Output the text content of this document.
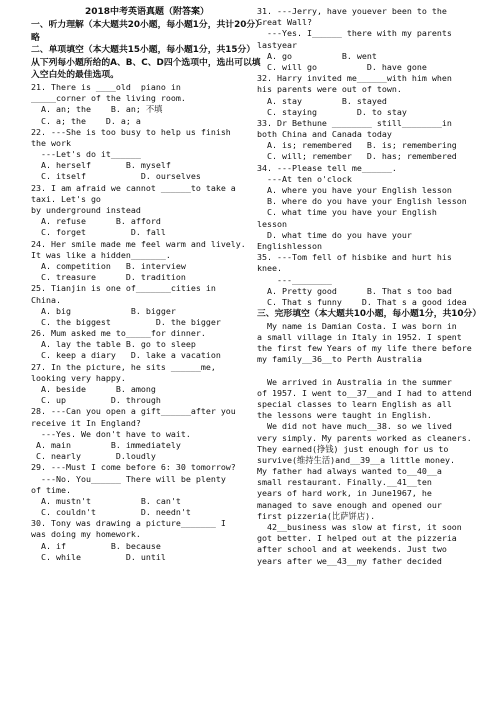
2018中考英语真题（附答案）
一、听力理解（本大题共20小题，每小题1分，共计20分）略
二、单项填空（本大题共15小题，每小题1分，共15分）
从下列每小题所给的A、B、C、D四个选项中，选出可以填入空白处的最佳选项。
21. There is ____old  piano in
_____corner of the living room.
A. an; the    B. an; 不填
C. a; the    D. a; a
22. ---She is too busy to help us finish
the work
---Let's do it______
A. herself       B. myself
C. itself           D. ourselves
23. I am afraid we cannot ______to take a
taxi. Let's go
by underground instead
A. refuse      B. afford
C. forget         D. fall
24. Her smile made me feel warm and lively.
It was like a hidden_______.
A. competition   B. interview
C. treasure      D. tradition
25. Tianjin is one of_______cities in
China.
A. big            B. bigger
C. the biggest         D. the bigger
26. Mum asked me to_____for dinner.
A. lay the table B. go to sleep
C. keep a diary   D. lake a vacation
27. In the picture, he sits ______me,
looking very happy.
A. beside      B. among
C. up         D. through
28. ---Can you open a gift______after you
receive it In England?
---Yes. We don't have to wait.
A. main        B. immediately
C. nearly       D.loudly
29. ---Must I come before 6: 30 tomorrow?
---No. You______ There will be plenty
of time.
A. mustn't          B. can't
C. couldn't         D. needn't
30. Tony was drawing a picture_______ I
was doing my homework.
A. if         B. because
C. while         D. until
31. ---Jerry, have youever been to the
Great Wall?
---Yes. I______ there with my parents
lastyear
A. go          B. went
C. will go          D. have gone
32. Harry invited me______with him when
his parents were out of town.
A. stay        B. stayed
C. staying        D. to stay
33. Dr Bethune ________ still________in
both China and Canada today
A. is; remembered   B. is; remembering
C. will; remember   D. has; remembered
34. ---Please tell me______.
---At ten o'clock
A. where you have your English lesson
B. where do you have your English lesson
C. what time you have your English
lesson
D. what time do you have your
Englishlesson
35. ---Tom fell of hisbike and hurt his
knee.
---________
A. Pretty good      B. That s too bad
C. That s funny    D. That s a good idea
三、完形填空（本大题共10小题，每小题1分，共10分）
My name is Damian Costa. I was born in
a small village in Italy in 1952. I spent
the first few Years of my life there before
my family__36__to Perth Australia
We arrived in Australia in the summer
of 1957. I went to__37__and I had to attend
special classes to learn English as all
the lessons were taught in English.
We did not have much__38. so we lived
very simply. My parents worked as cleaners.
They earned(挣钱) just enough for us to
survive(维持生活)and__39__a little money.
My father had always wanted to__40__a
small restaurant. Finally.__41__ten
years of hard work, in June1967, he
managed to save enough and opened our
first pizzeria(比萨饼店).
42__business was slow at first, it soon
got better. I helped out at the pizzeria
after school and at weekends. Just two
years after we__43__my father decided
